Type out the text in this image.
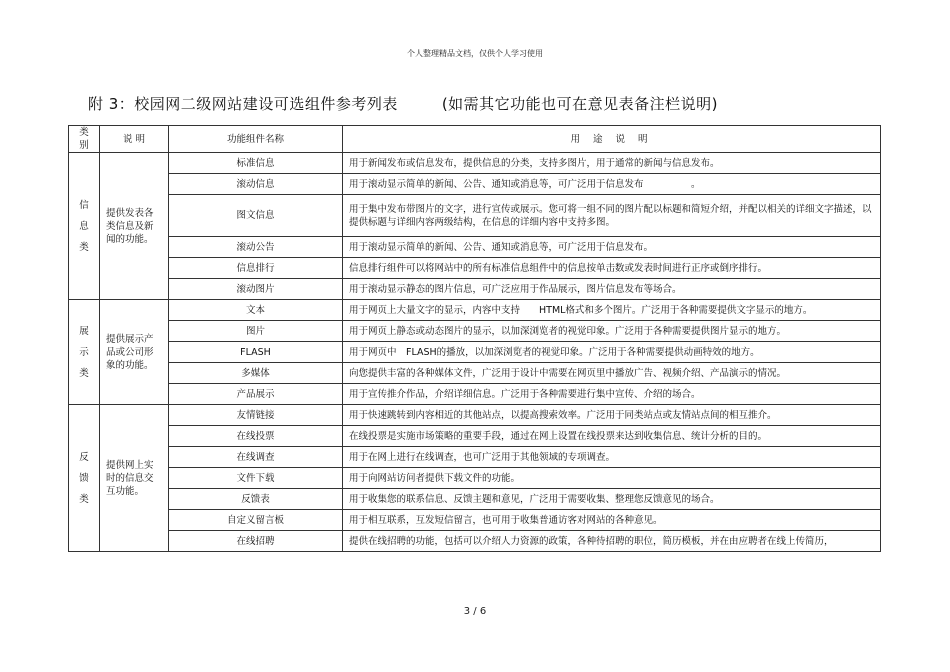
个人整理精品文档，仅供个人学习使用
附 3：校园网二级网站建设可选组件参考列表	(如需其它功能也可在意见表备注栏说明)
类 别	说 明	功能组件名称	用 途 说 明

信
息
类	提供发表各
类信息及新
闻的功能。	标准信息	用于新闻发布或信息发布，提供信息的分类，支持多图片，用于通常的新闻与信息发布。
		滚动信息	用于滚动显示简单的新闻、公告、通知或消息等，可广泛用于信息发布　　　　　。
		图文信息	用于集中发布带图片的文字，进行宣传或展示。您可将一组不同的图片配以标题和简短介绍，并配以相关的详细文字描述，以提供标题与详细内容两级结构，在信息的详细内容中支持多图。
		滚动公告	用于滚动显示简单的新闻、公告、通知或消息等，可广泛用于信息发布。
		信息排行	信息排行组件可以将网站中的所有标准信息组件中的信息按单击数或发表时间进行正序或倒序排行。
		滚动图片	用于滚动显示静态的图片信息，可广泛应用于作品展示，图片信息发布等场合。

展
示
类	提供展示产
品或公司形
象的功能。	文本	用于网页上大量文字的显示，内容中支持　　HTML格式和多个图片。广泛用于各种需要提供文字显示的地方。
		图片	用于网页上静态或动态图片的显示，以加深浏览者的视觉印象。广泛用于各种需要提供图片显示的地方。
		FLASH	用于网页中　FLASH的播放，以加深浏览者的视觉印象。广泛用于各种需要提供动画特效的地方。
		多媒体	向您提供丰富的各种媒体文件，广泛用于设计中需要在网页里中播放广告、视频介绍、产品演示的情况。
		产品展示	用于宣传推介作品，介绍详细信息。广泛用于各种需要进行集中宣传、介绍的场合。

反
馈
类	提供网上实
时的信息交
互功能。	友情链接	用于快速跳转到内容相近的其他站点，以提高搜索效率。广泛用于同类站点或友情站点间的相互推介。
		在线投票	在线投票是实施市场策略的重要手段，通过在网上设置在线投票来达到收集信息、统计分析的目的。
		在线调查	用于在网上进行在线调查，也可广泛用于其他领域的专项调查。
		文件下载	用于向网站访问者提供下载文件的功能。
		反馈表	用于收集您的联系信息、反馈主题和意见，广泛用于需要收集、整理您反馈意见的场合。
		自定义留言板	用于相互联系，互发短信留言，也可用于收集普通访客对网站的各种意见。
		在线招聘	提供在线招聘的功能，包括可以介绍人力资源的政策，各种待招聘的职位，简历模板，并在由应聘者在线上传简历，
3 / 6
